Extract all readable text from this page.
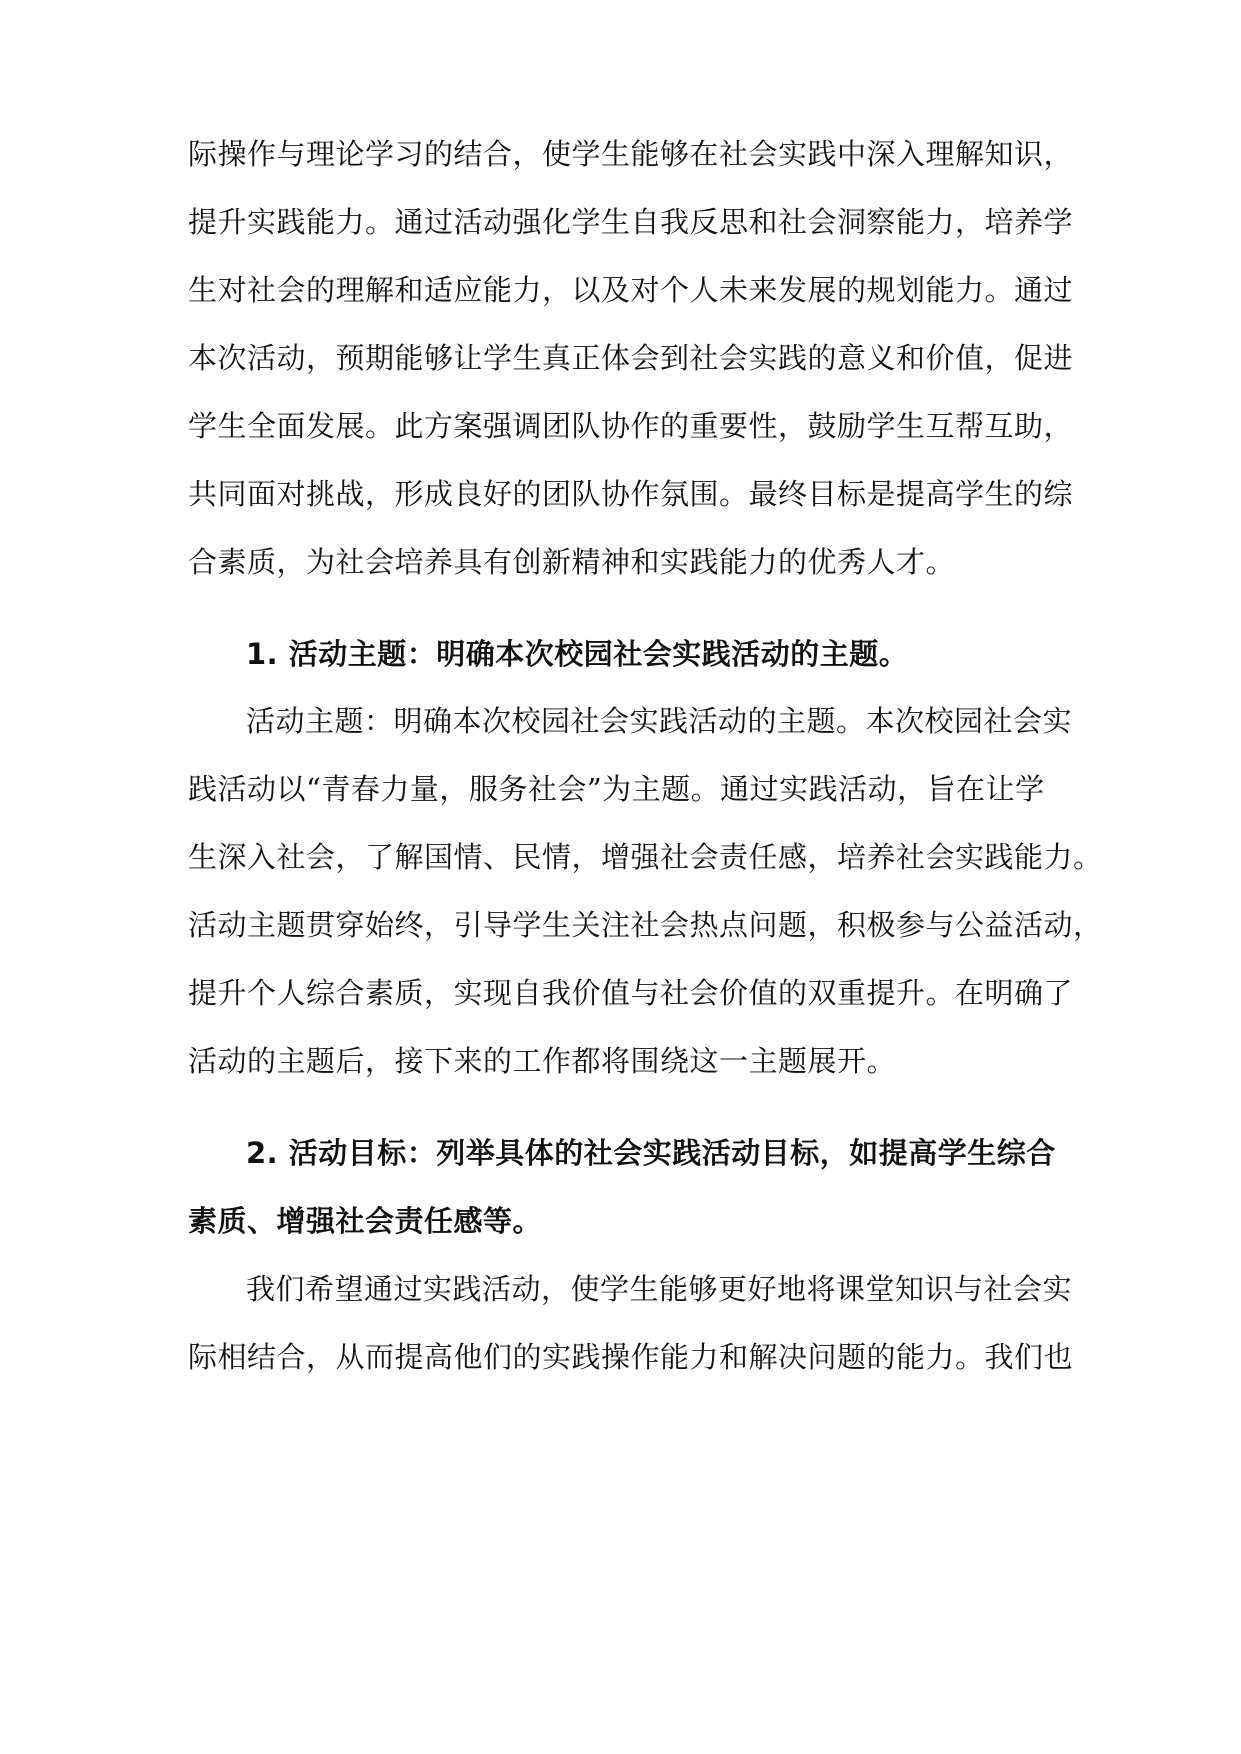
际操作与理论学习的结合，使学生能够在社会实践中深入理解知识，
提升实践能力。通过活动强化学生自我反思和社会洞察能力，培养学
生对社会的理解和适应能力，以及对个人未来发展的规划能力。通过
本次活动，预期能够让学生真正体会到社会实践的意义和价值，促进
学生全面发展。此方案强调团队协作的重要性，鼓励学生互帮互助，
共同面对挑战，形成良好的团队协作氛围。最终目标是提高学生的综
合素质，为社会培养具有创新精神和实践能力的优秀人才。
1. 活动主题：明确本次校园社会实践活动的主题。
活动主题：明确本次校园社会实践活动的主题。本次校园社会实
践活动以“青春力量，服务社会”为主题。通过实践活动，旨在让学
生深入社会，了解国情、民情，增强社会责任感，培养社会实践能力。
活动主题贯穿始终，引导学生关注社会热点问题，积极参与公益活动，
提升个人综合素质，实现自我价值与社会价值的双重提升。在明确了
活动的主题后，接下来的工作都将围绕这一主题展开。
2. 活动目标：列举具体的社会实践活动目标，如提高学生综合
素质、增强社会责任感等。
我们希望通过实践活动，使学生能够更好地将课堂知识与社会实
际相结合，从而提高他们的实践操作能力和解决问题的能力。我们也
